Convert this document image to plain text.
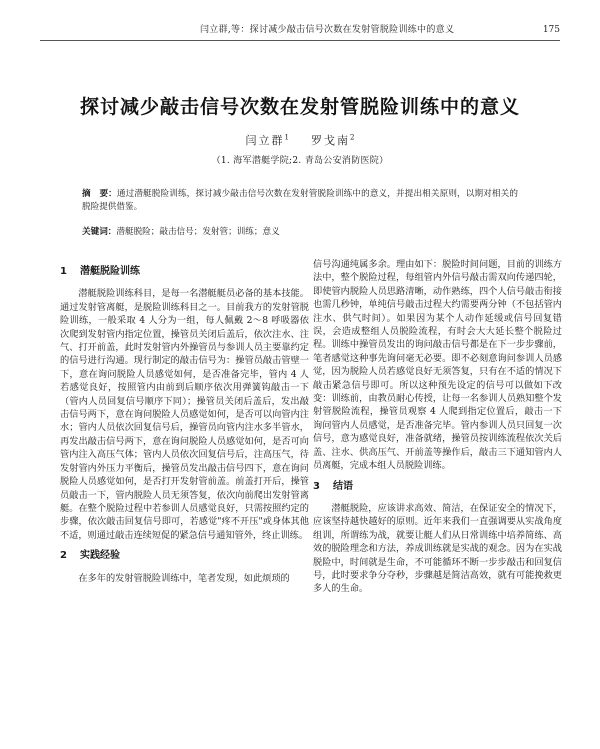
闫立群,等：探讨减少敲击信号次数在发射管脱险训练中的意义	175
探讨减少敲击信号次数在发射管脱险训练中的意义
闫立群$^1$ 罗戈南$^2$
（1. 海军潜艇学院;2. 青岛公安消防医院）
摘　要：通过潜艇脱险训练，探讨减少敲击信号次数在发射管脱险训练中的意义，并提出相关原则，以期对相关的脱险提供借鉴。
关键词：潜艇脱险；敲击信号；发射管；训练；意义
1 潜艇脱险训练

潜艇脱险训练科目，是每一名潜艇艇员必备的基本技能。通过发射管离艇，是脱险训练科目之一。目前我方的发射管脱险训练，一般采取 4 人分为一组，每人佩戴 2～8 呼吸器依次爬到发射管内指定位置，操管员关闭后盖后，依次注水、注气、打开前盖，此时发射管内外操管员与参训人员主要靠约定的信号进行沟通。现行制定的敲击信号为：操管员敲击管壁一下，意在询问脱险人员感觉如何，是否准备完毕，管内 4 人若感觉良好，按照管内由前到后顺序依次用弹簧钩敲击一下（管内人员回复信号顺序下同）；操管员关闭后盖后，发出敲击信号两下，意在询问脱险人员感觉如何，是否可以向管内注水；管内人员依次回复信号后，操管员向管内注水多半管水，再发出敲击信号两下，意在询问脱险人员感觉如何，是否可向管内注入高压气体；管内人员依次回复信号后，注高压气，待发射管内外压力平衡后，操管员发出敲击信号四下，意在询问脱险人员感觉如何，是否打开发射管前盖。前盖打开后，操管员敲击一下，管内脱险人员无须答复，依次向前爬出发射管离艇。在整个脱险过程中若参训人员感觉良好，只需按照约定的步骤，依次敲击回复信号即可，若感觉"疼不开压"或身体其他不适，则通过敲击连续短促的紧急信号通知管外，终止训练。

2 实践经验

在多年的发射管脱险训练中，笔者发现，如此烦琐的

信号沟通纯属多余。理由如下：脱险时间问题，目前的训练方法中，整个脱险过程，每组管内外信号敲击需双向传递四轮，即使管内脱险人员思路清晰，动作熟练，四个人信号敲击衔接也需几秒钟，单纯信号敲击过程大约需要两分钟（不包括管内注水、供气时间）。如果因为某个人动作延缓或信号回复错误，会造成整组人员脱险流程，有时会大大延长整个脱险过程。训练中操管员发出的询问敲击信号都是在下一步步骤前，笔者感觉这种事先询问毫无必要。即不必刻意询问参训人员感觉，因为脱险人员若感觉良好无须答复，只有在不适的情况下敲击紧急信号即可。所以这种预先设定的信号可以做如下改变：训练前，由教员耐心传授，让每一名参训人员熟知整个发射管脱险流程，操管员观察 4 人爬到指定位置后，敲击一下询问管内人员感觉，是否准备完毕。管内参训人员只回复一次信号，意为感觉良好，准备就绪，操管员按训练流程依次关后盖、注水、供高压气、开前盖等操作后，敲击三下通知管内人员离艇，完成本组人员脱险训练。

3 结语

潜艇脱险，应该讲求高效、简洁，在保证安全的情况下，应该坚持越快越好的原则。近年来我们一直强调要从实战角度组训，所谓练为战，就要让艇人们从日常训练中培养简练、高效的脱险理念和方法，养成训练就是实战的观念。因为在实战脱险中，时间就是生命，不可能循环不断一步步敲击和回复信号，此时要求争分夺秒，步骤越是简洁高效，就有可能挽救更多人的生命。
